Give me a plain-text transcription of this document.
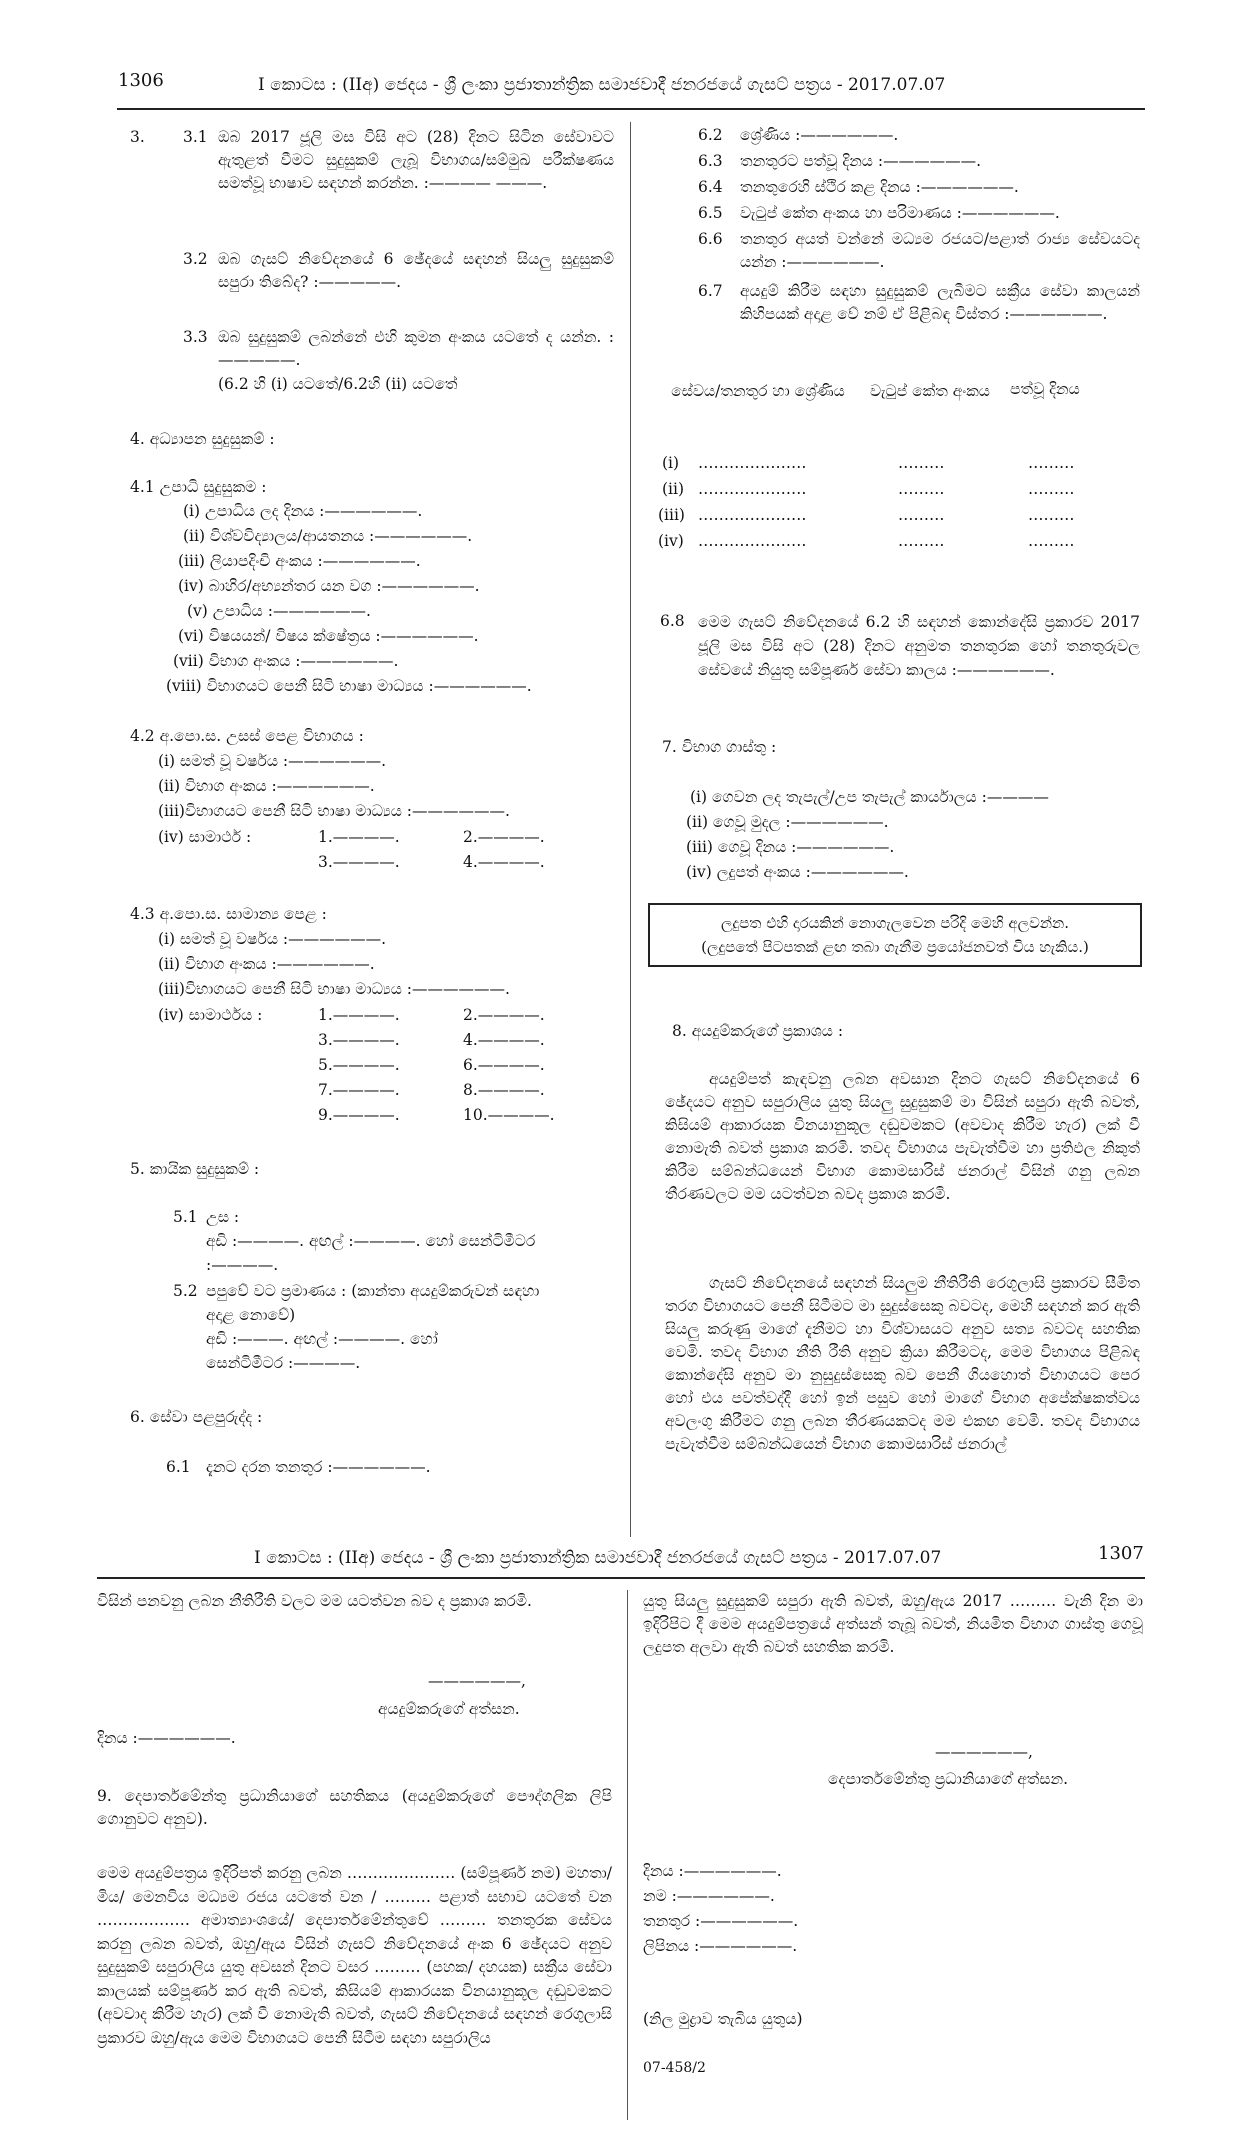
1306	I කොටස : (IIඅ) ජෙදය - ශ්‍රී ලංකා ප්‍රජාතාන්ත්‍රික සමාජවාදී ජනරජයේ ගැසට් පත්‍රය - 2017.07.07
3. 3.1 ඔබ 2017 ජූලි මස විසි අට (28) දිනට සිටින සේවාවට ඇතුළත් වීමට සුදුසුකම් ලැබූ විභාගය/සම්මුඛ පරීක්ෂණය සමත්වූ භාෂාව සඳහන් කරන්න. :———— ———.
3.2 ඔබ ගැසට් නිවේදනයේ 6 ඡේදයේ සඳහන් සියලු සුදුසුකම් සපුරා තිබේද? :—————.
3.3 ඔබ සුදුසුකම් ලබන්නේ එහි කුමන අංකය යටතේ ද යන්න. :—————.
(6.2 හි (i) යටතේ/6.2හි (ii) යටතේ
4. අධ්‍යාපන සුදුසුකම් :
4.1 උපාධි සුදුසුකම :
(i) උපාධිය ලද දිනය :——————.
(ii) විශ්වවිද්‍යාලය/ආයතනය :——————.
(iii) ලියාපදිංචි අංකය :——————.
(iv) බාහිර/අභ්‍යන්තර යන වග :——————.
(v) උපාධිය :——————.
(vi) විෂයයන්/ විෂය ක්ෂේත්‍රය :——————.
(vii) විභාග අංකය :——————.
(viii) විභාගයට පෙනී සිටි භාෂා මාධ්‍යය :——————.
4.2 අ.පො.ස. උසස් පෙළ විභාගය :
(i) සමත් වූ වර්ෂය :——————.
(ii) විභාග අංකය :——————.
(iii)විභාගයට පෙනී සිටි භාෂා මාධ්‍යය :——————.
(iv) සාමාර්ථ :	1.————.	2.————.
3.————.	4.————.
4.3 අ.පො.ස. සාමාන්‍ය පෙළ :
(i) සමත් වූ වර්ෂය :——————.
(ii) විභාග අංකය :——————.
(iii)විභාගයට පෙනී සිටි භාෂා මාධ්‍යය :——————.
(iv) සාමාර්ථය :	1.————.	2.————.
3.————.	4.————.
5.————.	6.————.
7.————.	8.————.
9.————.	10.————.
5. කායික සුදුසුකම් :
5.1 උස :
අඩි :————. අඟල් :————. හෝ සෙන්ටිමීටර
:————.
5.2 පපුවේ වට ප්‍රමාණය : (කාන්තා අයදුම්කරුවන් සඳහා
අදාළ නොවේ)
අඩි :———. අඟල් :————. හෝ
සෙන්ටිමීටර :————.
6. සේවා පළපුරුද්ද :
6.1 දැනට දරන තනතුර :——————.
6.2 ශ්‍රේණිය :——————.
6.3 තනතුරට පත්වූ දිනය :——————.
6.4 තනතුරෙහි ස්ථිර කළ දිනය :——————.
6.5 වැටුප් කේත අංකය හා පරිමාණය :——————.
6.6 තනතුර අයත් වන්නේ මධ්‍යම රජයට/පළාත් රාජ්‍ය සේවයටද යන්න :——————.
6.7 අයදුම් කිරීම සඳහා සුදුසුකම් ලැබීමට සක්‍රීය සේවා කාලයන් කිහිපයක් අදාළ වේ නම් ඒ පිළිබඳ විස්තර :——————.
සේවය/තනතුර හා ශ්‍රේණිය වැටුප් කේත අංකය පත්වූ දිනය
(i) …………………	………	………
(ii) …………………	………	………
(iii) …………………	………	………
(iv) …………………	………	………
6.8 මෙම ගැසට් නිවේදනයේ 6.2 හි සඳහන් කොන්දේසි ප්‍රකාරව 2017 ජූලි මස විසි අට (28) දිනට අනුමත තනතුරක හෝ තනතුරුවල සේවයේ නියුතු සම්පූර්ණ සේවා කාලය :——————.
7. විභාග ගාස්තු :
(i) ගෙවන ලද තැපැල්/උප තැපැල් කාර්යාලය :————
(ii) ගෙවූ මුදල :——————.
(iii) ගෙවූ දිනය :——————.
(iv) ලදුපත් අංකය :——————.
ලදුපත එහි දාරයකින් නොගැලවෙන පරිදි මෙහි අලවන්න.
(ලදුපතේ පිටපතක් ළඟ තබා ගැනීම ප්‍රයෝජනවත් විය හැකිය.)
8. අයදුම්කරුගේ ප්‍රකාශය :
අයදුම්පත් කැඳවනු ලබන අවසාන දිනට ගැසට් නිවේදනයේ 6 ඡේදයට අනුව සපුරාලිය යුතු සියලු සුදුසුකම් මා විසින් සපුරා ඇති බවත්, කිසියම් ආකාරයක විනයානුකූල දඬුවමකට (අවවාද කිරීම හැර) ලක් වී නොමැති බවත් ප්‍රකාශ කරමි. තවද විභාගය පැවැත්වීම හා ප්‍රතිඵල නිකුත් කිරීම සම්බන්ධයෙන් විභාග කොමසාරිස් ජනරාල් විසින් ගනු ලබන තීරණවලට මම යටත්වන බවද ප්‍රකාශ කරමි.
ගැසට් නිවේදනයේ සඳහන් සියලුම නීතිරීති රෙගුලාසි ප්‍රකාරව සීමිත තරග විභාගයට පෙනී සිටීමට මා සුදුස්සෙකු බවටද, මෙහි සඳහන් කර ඇති සියලු කරුණු මාගේ දැනීමට හා විශ්වාසයට අනුව සත්‍ය බවටද සහතික වෙමි. තවද විභාග නීති රීති අනුව ක්‍රියා කිරීමටද, මෙම විභාගය පිළිබඳ කොන්දේසි අනුව මා නුසුදුස්සෙකු බව පෙනී ගියහොත් විභාගයට පෙර හෝ එය පවත්වද්දී හෝ ඉන් පසුව හෝ මාගේ විභාග අපේක්ෂකත්වය අවලංගු කිරීමට ගනු ලබන තීරණයකටද මම එකඟ වෙමි. තවද විභාගය පැවැත්වීම සම්බන්ධයෙන් විභාග කොමසාරිස් ජනරාල්
I කොටස : (IIඅ) ජෙදය - ශ්‍රී ලංකා ප්‍රජාතාන්ත්‍රික සමාජවාදී ජනරජයේ ගැසට් පත්‍රය - 2017.07.07	1307
විසින් පනවනු ලබන නීතිරීති වලට මම යටත්වන බව ද ප්‍රකාශ කරමි.
——————,
අයදුම්කරුගේ අත්සන.
දිනය :——————.
9. දෙපාර්තමේන්තු ප්‍රධානියාගේ සහතිකය (අයදුම්කරුගේ පෞද්ගලික ලිපි ගොනුවට අනුව).
මෙම අයදුම්පත්‍රය ඉදිරිපත් කරනු ලබන ………………… (සම්පූර්ණ නම) මහතා/ මිය/ මෙනවිය මධ්‍යම රජය යටතේ වන / ……… පළාත් සභාව යටතේ වන ……………… අමාත්‍යාංශයේ/ දෙපාර්තමේන්තුවේ ……… තනතුරක සේවය කරනු ලබන බවත්, ඔහු/ඇය විසින් ගැසට් නිවේදනයේ අංක 6 ඡේදයට අනුව සුදුසුකම් සපුරාලිය යුතු අවසන් දිනට වසර ……… (පහක/ දහයක) සක්‍රීය සේවා කාලයක් සම්පූර්ණ කර ඇති බවත්, කිසියම් ආකාරයක විනයානුකූල දඬුවමකට (අවවාද කිරීම හැර) ලක් වී නොමැති බවත්, ගැසට් නිවේදනයේ සඳහන් රෙගුලාසි ප්‍රකාරව ඔහු/ඇය මෙම විභාගයට පෙනී සිටීම සඳහා සපුරාලිය
යුතු සියලු සුදුසුකම් සපුරා ඇති බවත්, ඔහු/ඇය 2017 ……… වැනි දින මා ඉදිරිපිට දී මෙම අයදුම්පත්‍රයේ අත්සන් තැබූ බවත්, නියමිත විභාග ගාස්තු ගෙවූ ලදුපත අලවා ඇති බවත් සහතික කරමි.
——————,
දෙපාර්තමේන්තු ප්‍රධානියාගේ අත්සන.
දිනය :——————.
නම :——————.
තනතුර :——————.
ලිපිනය :——————.
(නිල මුද්‍රාව තැබිය යුතුය)
07-458/2
